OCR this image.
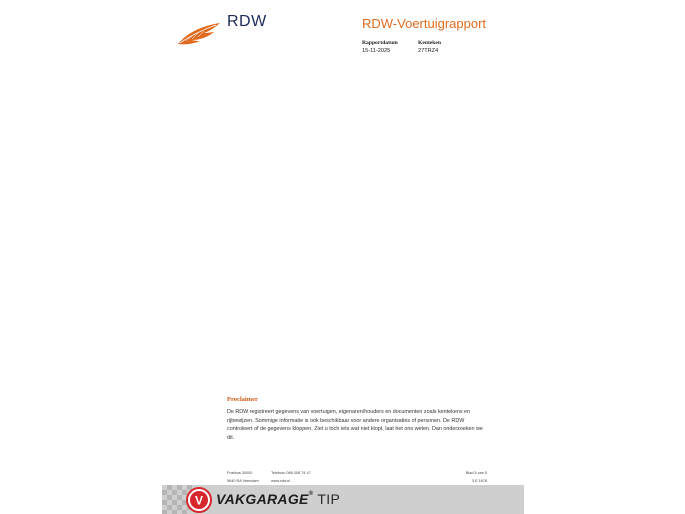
RDW	RDW-Voertuigrapport
Rapportdatum
15-11-2025
Kenteken
27TRZ4
Proclaimer
De RDW registreert gegevens van voertuigen, eigenaren/houders en documenten zoals kentekens en rijbewijzen. Sommige informatie is ook beschikbaar voor andere organisaties of personen. De RDW controleert of de gegevens kloppen. Ziet u toch iets wat niet klopt, laat het ons weten. Dan onderzoeken we dit.
Postbus 30000	Telefoon 088 008 74 47
9640 RA Veendam	www.rdw.nl
Blad 5 van 5
3 E 1678
V VAKGARAGE® TIP
